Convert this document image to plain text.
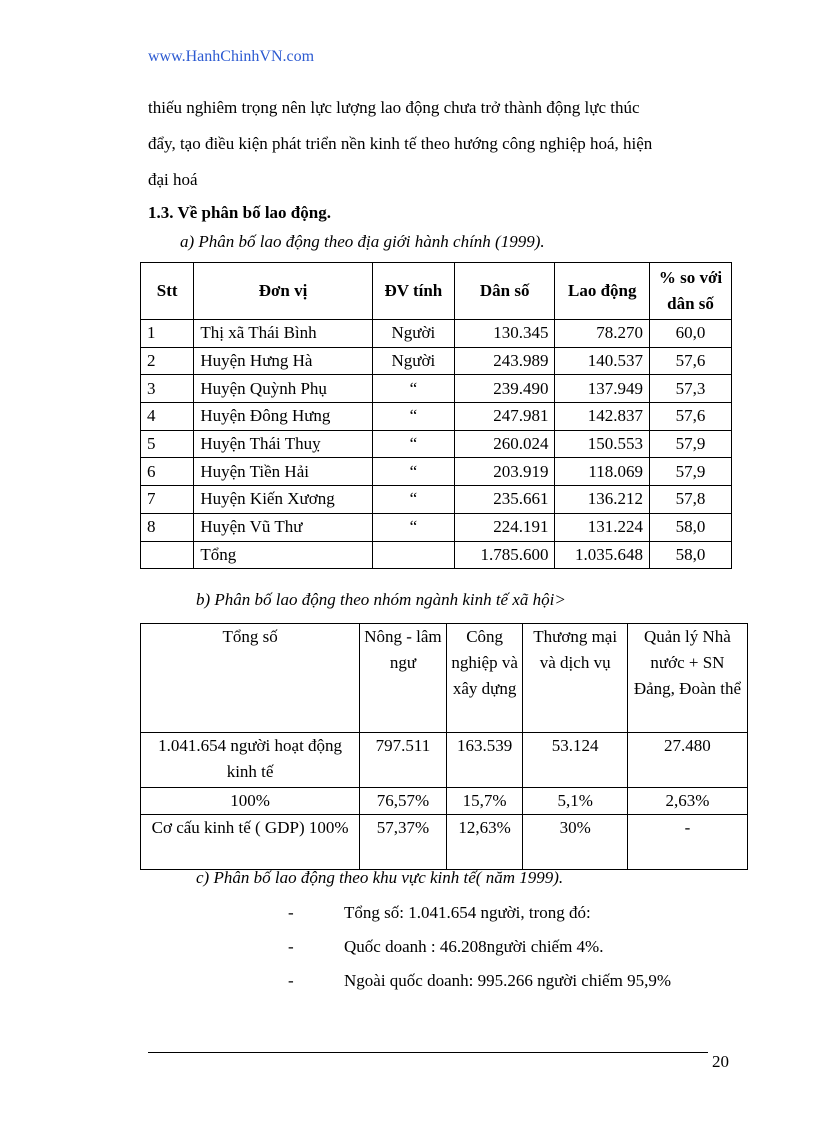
www.HanhChinhVN.com
thiếu nghiêm trọng nên lực lượng lao động chưa trở thành động lực thúc
đẩy, tạo điều kiện phát triển nền kinh tế theo hướng công nghiệp hoá, hiện
đại hoá
1.3. Về phân bố lao động.
a) Phân bố lao động theo địa giới hành chính (1999).
Stt	Đơn vị	ĐV tính	Dân số	Lao động	% so với dân số
1	Thị xã Thái Bình	Người	130.345	78.270	60,0
2	Huyện Hưng Hà	Người	243.989	140.537	57,6
3	Huyện Quỳnh Phụ	“	239.490	137.949	57,3
4	Huyện Đông Hưng	“	247.981	142.837	57,6
5	Huyện Thái Thuỵ	“	260.024	150.553	57,9
6	Huyện Tiền Hải	“	203.919	118.069	57,9
7	Huyện Kiến Xương	“	235.661	136.212	57,8
8	Huyện Vũ Thư	“	224.191	131.224	58,0
	Tổng		1.785.600	1.035.648	58,0
b) Phân bố lao động theo nhóm ngành kinh tế xã hội>
Tổng số	Nông - lâm ngư	Công nghiệp và xây dựng	Thương mại và dịch vụ	Quản lý Nhà nước + SN Đảng, Đoàn thể
1.041.654 người hoạt động kinh tế	797.511	163.539	53.124	27.480
100%	76,57%	15,7%	5,1%	2,63%
Cơ cấu kinh tế ( GDP) 100%	57,37%	12,63%	30%	-
c) Phân bố lao động theo khu vực kinh tế( năm 1999).
-	Tổng số: 1.041.654 người, trong đó:
-	Quốc doanh : 46.208người chiếm 4%.
-	Ngoài quốc doanh: 995.266 người chiếm 95,9%
20
